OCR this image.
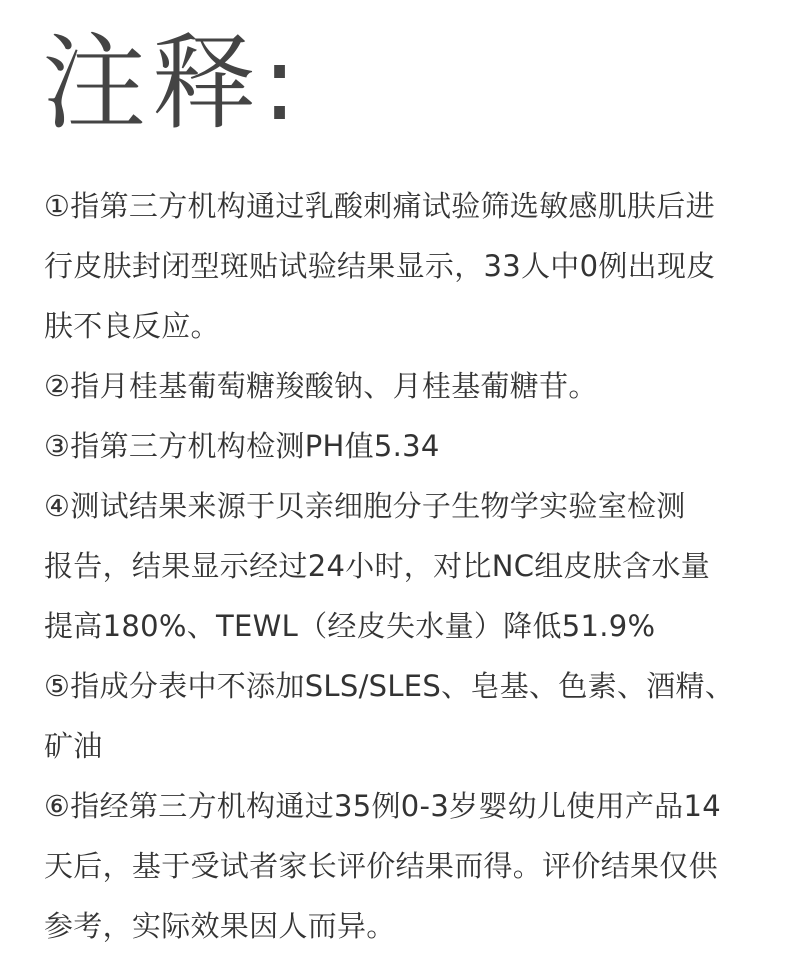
注释:
①指第三方机构通过乳酸刺痛试验筛选敏感肌肤后进
行皮肤封闭型斑贴试验结果显示，33人中0例出现皮
肤不良反应。
②指月桂基葡萄糖羧酸钠、月桂基葡糖苷。
③指第三方机构检测PH值5.34
④测试结果来源于贝亲细胞分子生物学实验室检测
报告，结果显示经过24小时，对比NC组皮肤含水量
提高180%、TEWL（经皮失水量）降低51.9%
⑤指成分表中不添加SLS/SLES、皂基、色素、酒精、
矿油
⑥指经第三方机构通过35例0-3岁婴幼儿使用产品14
天后，基于受试者家长评价结果而得。评价结果仅供
参考，实际效果因人而异。
